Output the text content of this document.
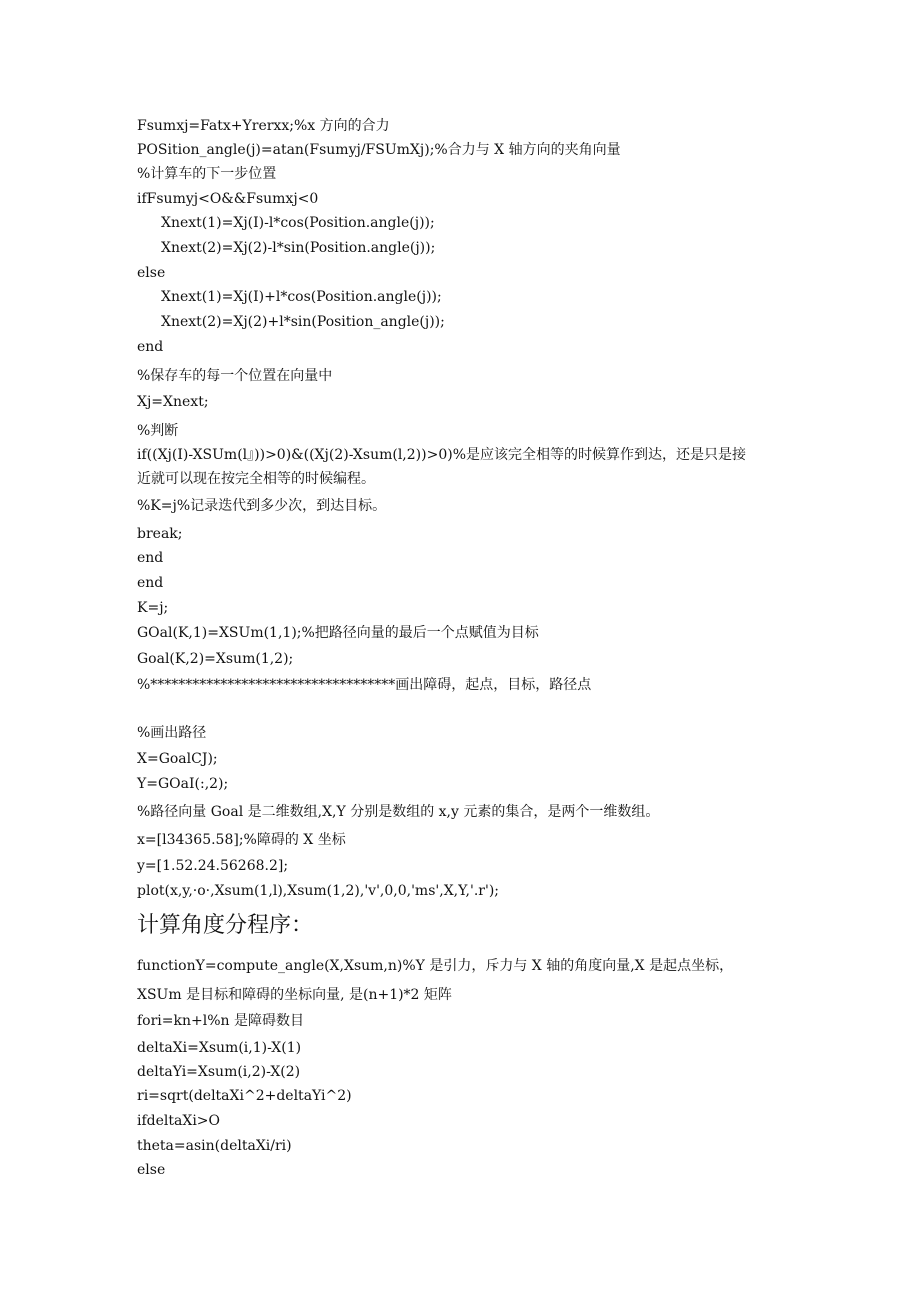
Fsumxj=Fatx+Yrerxx;%x 方向的合力
POSition_angle(j)=atan(Fsumyj/FSUmXj);%合力与 X 轴方向的夹角向量
%计算车的下一步位置
ifFsumyj<O&&Fsumxj<0
Xnext(1)=Xj(I)-l*cos(Position.angle(j));
Xnext(2)=Xj(2)-l*sin(Position.angle(j));
else
Xnext(1)=Xj(I)+l*cos(Position.angle(j));
Xnext(2)=Xj(2)+l*sin(Position_angle(j));
end
%保存车的每一个位置在向量中
Xj=Xnext;
%判断
if((Xj(I)-XSUm(l』))>0)&((Xj(2)-Xsum(l,2))>0)%是应该完全相等的时候算作到达，还是只是接
近就可以现在按完全相等的时候编程。
%K=j%记录迭代到多少次，到达目标。
break;
end
end
K=j;
GOal(K,1)=XSUm(1,1);%把路径向量的最后一个点赋值为目标
Goal(K,2)=Xsum(1,2);
%***********************************画出障碍，起点，目标，路径点
%画出路径
X=GoalCJ);
Y=GOaI(:,2);
%路径向量 Goal 是二维数组,X,Y 分别是数组的 x,y 元素的集合，是两个一维数组。
x=[l34365.58];%障碍的 X 坐标
y=[1.52.24.56268.2];
plot(x,y,·o·,Xsum(1,l),Xsum(1,2),'v',0,0,'ms',X,Y,'.r');
计算角度分程序：
functionY=compute_angle(X,Xsum,n)%Y 是引力，斥力与 X 轴的角度向量,X 是起点坐标，
XSUm 是目标和障碍的坐标向量, 是(n+1)*2 矩阵
fori=kn+l%n 是障碍数目
deltaXi=Xsum(i,1)-X(1)
deltaYi=Xsum(i,2)-X(2)
ri=sqrt(deltaXi^2+deltaYi^2)
ifdeltaXi>O
theta=asin(deltaXi/ri)
else
